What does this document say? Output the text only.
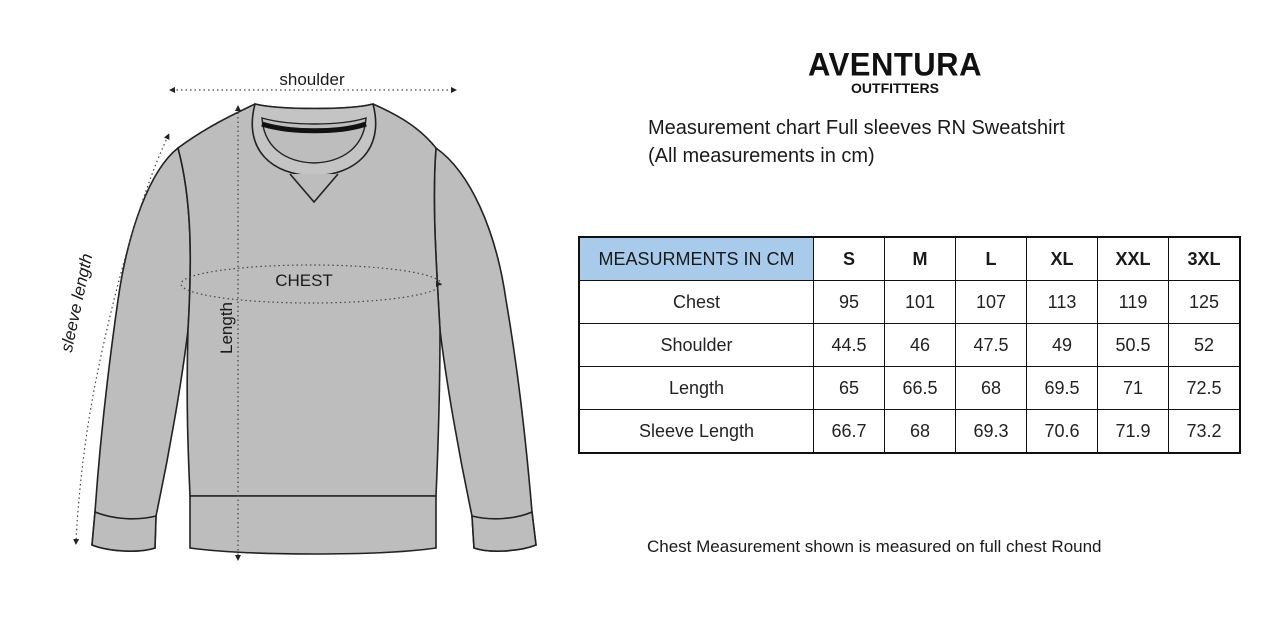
shoulder
CHEST
Length
sleeve length
AVENTURA
OUTFITTERS
Measurement chart Full sleeves RN Sweatshirt
(All measurements in cm)
MEASURMENTS IN CM	S	M	L	XL	XXL	3XL
Chest	95	101	107	113	119	125
Shoulder	44.5	46	47.5	49	50.5	52
Length	65	66.5	68	69.5	71	72.5
Sleeve Length	66.7	68	69.3	70.6	71.9	73.2
Chest Measurement shown is measured on full chest Round
